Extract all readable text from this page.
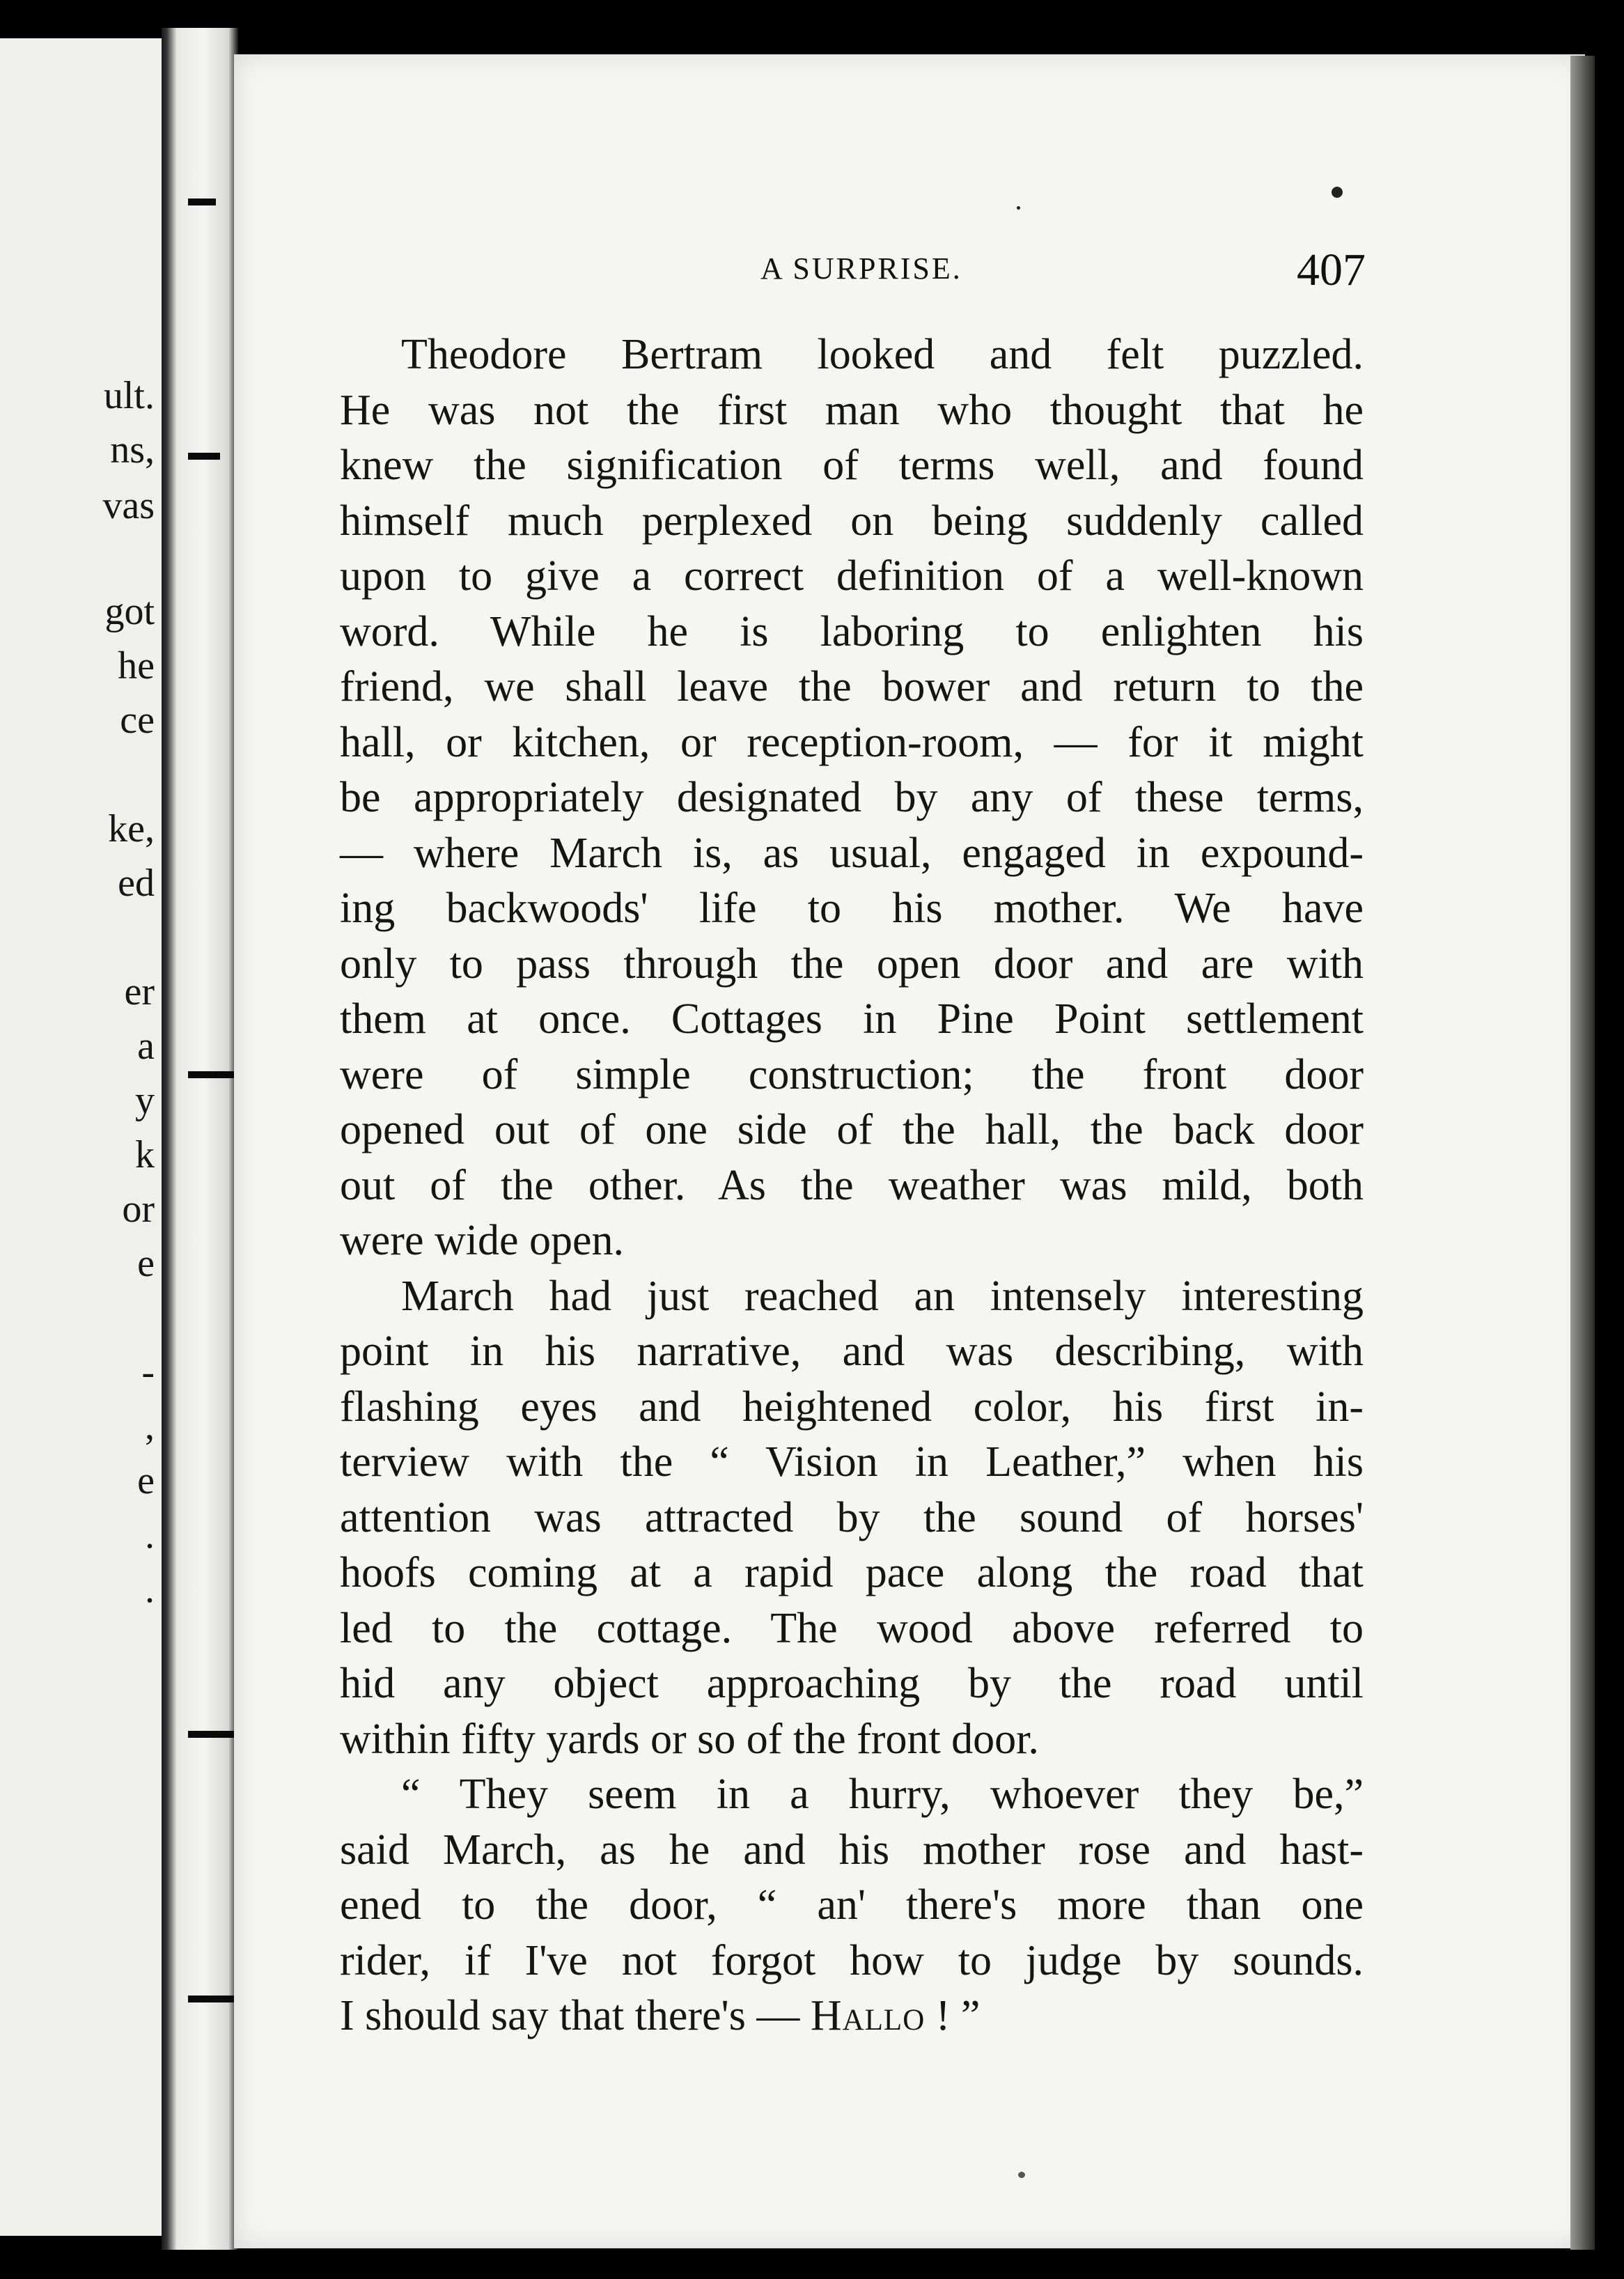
ult.
ns,
vas
got
he
ce
ke,
ed
er
a
y
k
or
e
-
,
e
.
.
A SURPRISE.	407
Theodore Bertram looked and felt puzzled.
He was not the first man who thought that he
knew the signification of terms well, and found
himself much perplexed on being suddenly called
upon to give a correct definition of a well-known
word. While he is laboring to enlighten his
friend, we shall leave the bower and return to the
hall, or kitchen, or reception-room, — for it might
be appropriately designated by any of these terms,
— where March is, as usual, engaged in expound-
ing backwoods' life to his mother. We have
only to pass through the open door and are with
them at once. Cottages in Pine Point settlement
were of simple construction; the front door
opened out of one side of the hall, the back door
out of the other. As the weather was mild, both
were wide open.
March had just reached an intensely interesting
point in his narrative, and was describing, with
flashing eyes and heightened color, his first in-
terview with the “ Vision in Leather,” when his
attention was attracted by the sound of horses'
hoofs coming at a rapid pace along the road that
led to the cottage. The wood above referred to
hid any object approaching by the road until
within fifty yards or so of the front door.
“ They seem in a hurry, whoever they be,”
said March, as he and his mother rose and hast-
ened to the door, “ an' there's more than one
rider, if I've not forgot how to judge by sounds.
I should say that there's — Hallo ! ”
